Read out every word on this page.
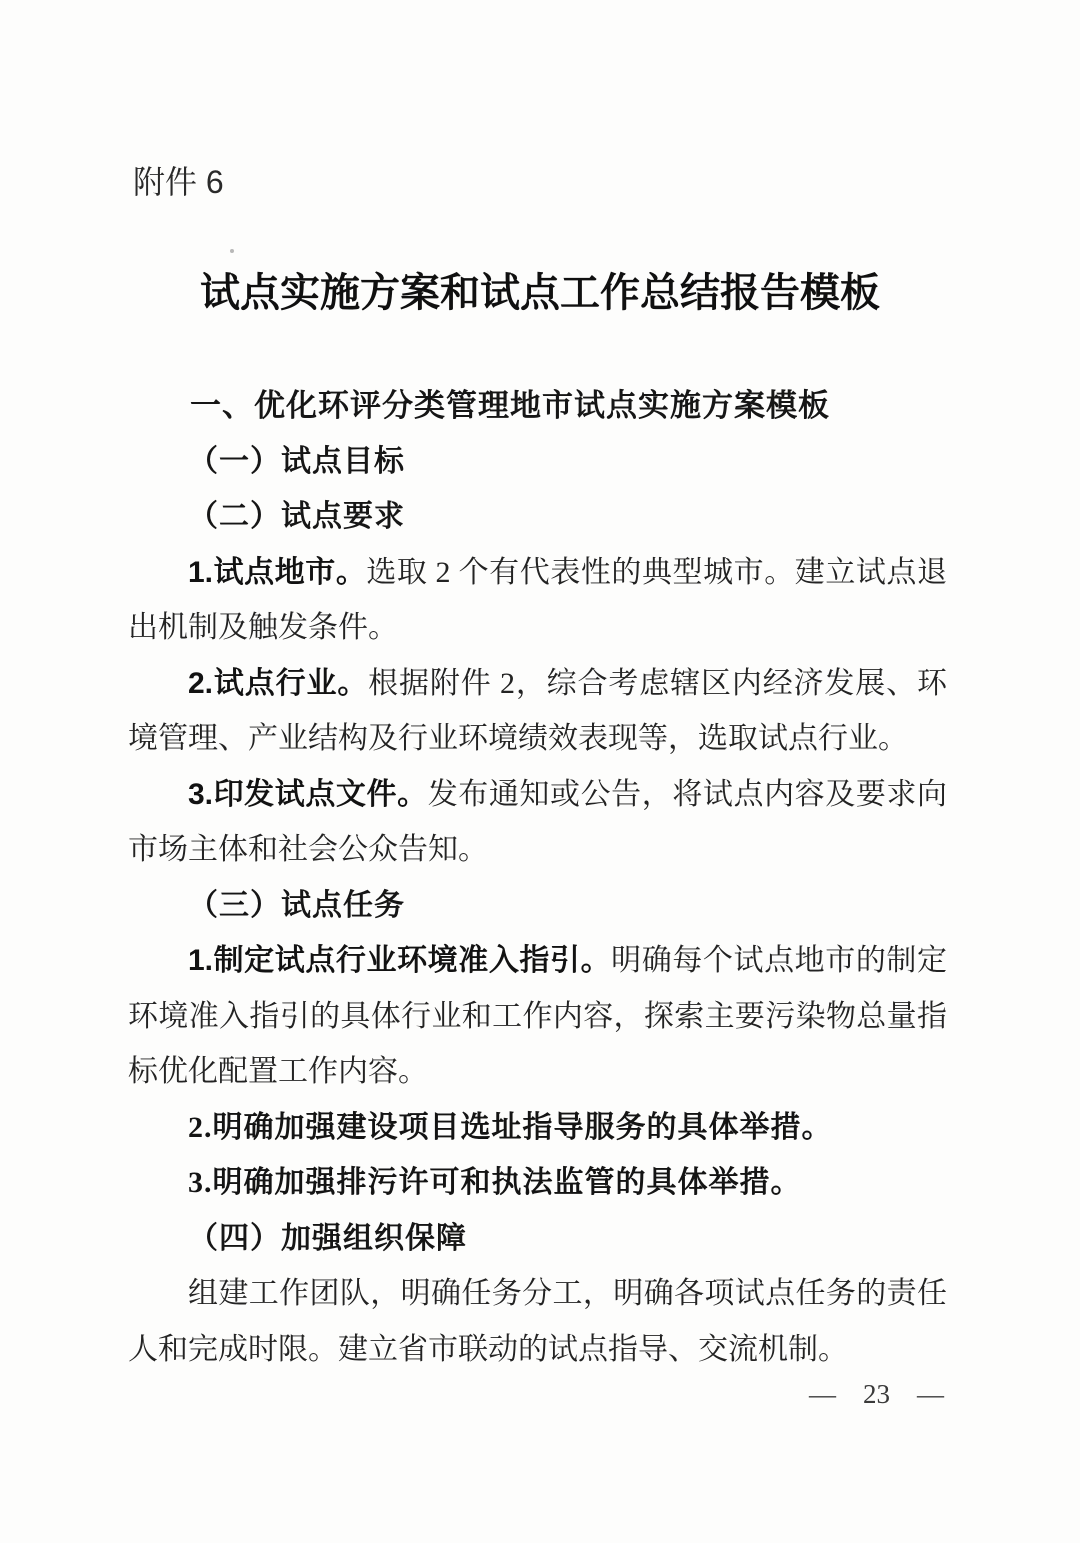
附件 6
试点实施方案和试点工作总结报告模板
一、优化环评分类管理地市试点实施方案模板
（一）试点目标
（二）试点要求

1.试点地市。选取 2 个有代表性的典型城市。建立试点退出机制及触发条件。

2.试点行业。根据附件 2，综合考虑辖区内经济发展、环境管理、产业结构及行业环境绩效表现等，选取试点行业。

3.印发试点文件。发布通知或公告，将试点内容及要求向市场主体和社会公众告知。

（三）试点任务

1.制定试点行业环境准入指引。明确每个试点地市的制定环境准入指引的具体行业和工作内容，探索主要污染物总量指标优化配置工作内容。

2.明确加强建设项目选址指导服务的具体举措。
3.明确加强排污许可和执法监管的具体举措。
（四）加强组织保障

组建工作团队，明确任务分工，明确各项试点任务的责任人和完成时限。建立省市联动的试点指导、交流机制。

— 23 —
